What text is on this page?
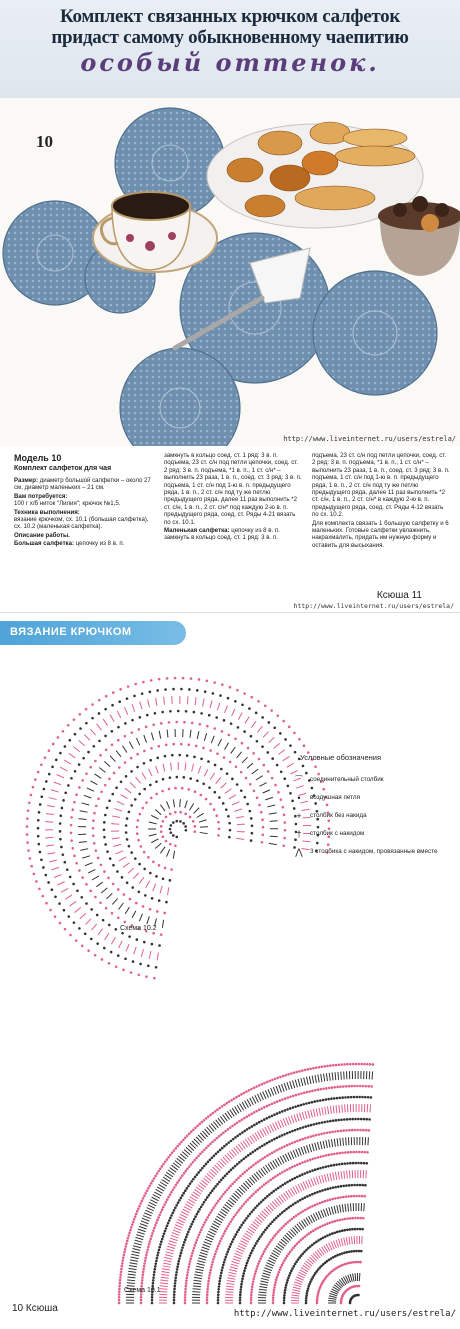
Комплект связанных крючком салфеток
придаст самому обыкновенному чаепитию
особый оттенок.
10
http://www.liveinternet.ru/users/estrela/
Модель 10
Комплект салфеток для чая
Размер: диаметр большой салфетки – около 27 см, диаметр маленьких – 21 см.
Вам потребуется:
100 г х/б ниток "Лилия"; крючок №1,5.
Техника выполнения:
вязание крючком, сх. 10.1 (большая салфетка), сх. 10.2 (маленькая салфетка).
Описание работы.
Большая салфетка: цепочку из 8 в. п.
замкнуть в кольцо соед. ст. 1 ряд: 3 в. п. подъема, 23 ст. с/н под петли цепочки, соед. ст. 2 ряд: 3 в. п. подъема, *1 в. п., 1 ст. с/н* – выполнить 23 раза, 1 в. п., соед. ст. 3 ряд: 3 в. п. подъема, 1 ст. с/н под 1-ю в. п. предыдущего ряда, 1 в. п., 2 ст. с/н под ту же петлю предыдущего ряда, далее 11 раз выполнить *2 ст. с/н, 1 в. п., 2 ст. с/н* под каждую 2-ю в. п. предыдущего ряда, соед. ст. Ряды 4-21 вязать по сх. 10.1.
Маленькая салфетка: цепочку из 8 в. п. замкнуть в кольцо соед. ст. 1 ряд: 3 в. п.
подъема, 23 ст. с/н под петли цепочки, соед. ст. 2 ряд: 3 в. п. подъема, *1 в. п., 1 ст. с/н* – выполнить 23 раза, 1 в. п., соед. ст. 3 ряд: 3 в. п. подъема, 1 ст. с/н под 1-ю в. п. предыдущего ряда, 1 в. п., 2 ст. с/н под ту же петлю предыдущего ряда, далее 11 раз выполнить *2 ст. с/н, 1 в. п., 2 ст. с/н* в каждую 2-ю в. п. предыдущего ряда, соед. ст. Ряды 4-12 вязать по сх. 10.2.
Для комплекта связать 1 большую салфетку и 6 маленьких. Готовые салфетки увлажнить, накрахмалить, придать им нужную форму и оставить для высыхания.
Ксюша 11
http://www.liveinternet.ru/users/estrela/
ВЯЗАНИЕ КРЮЧКОМ
Условные обозначения
⁀	соединительный столбик
•	воздушная петля
+	столбик без накида
†	столбик с накидом
⋀	3 столбика с накидом, провязанные вместе
Схема 10.2
Схема 10.1
10 Ксюша	http://www.liveinternet.ru/users/estrela/
